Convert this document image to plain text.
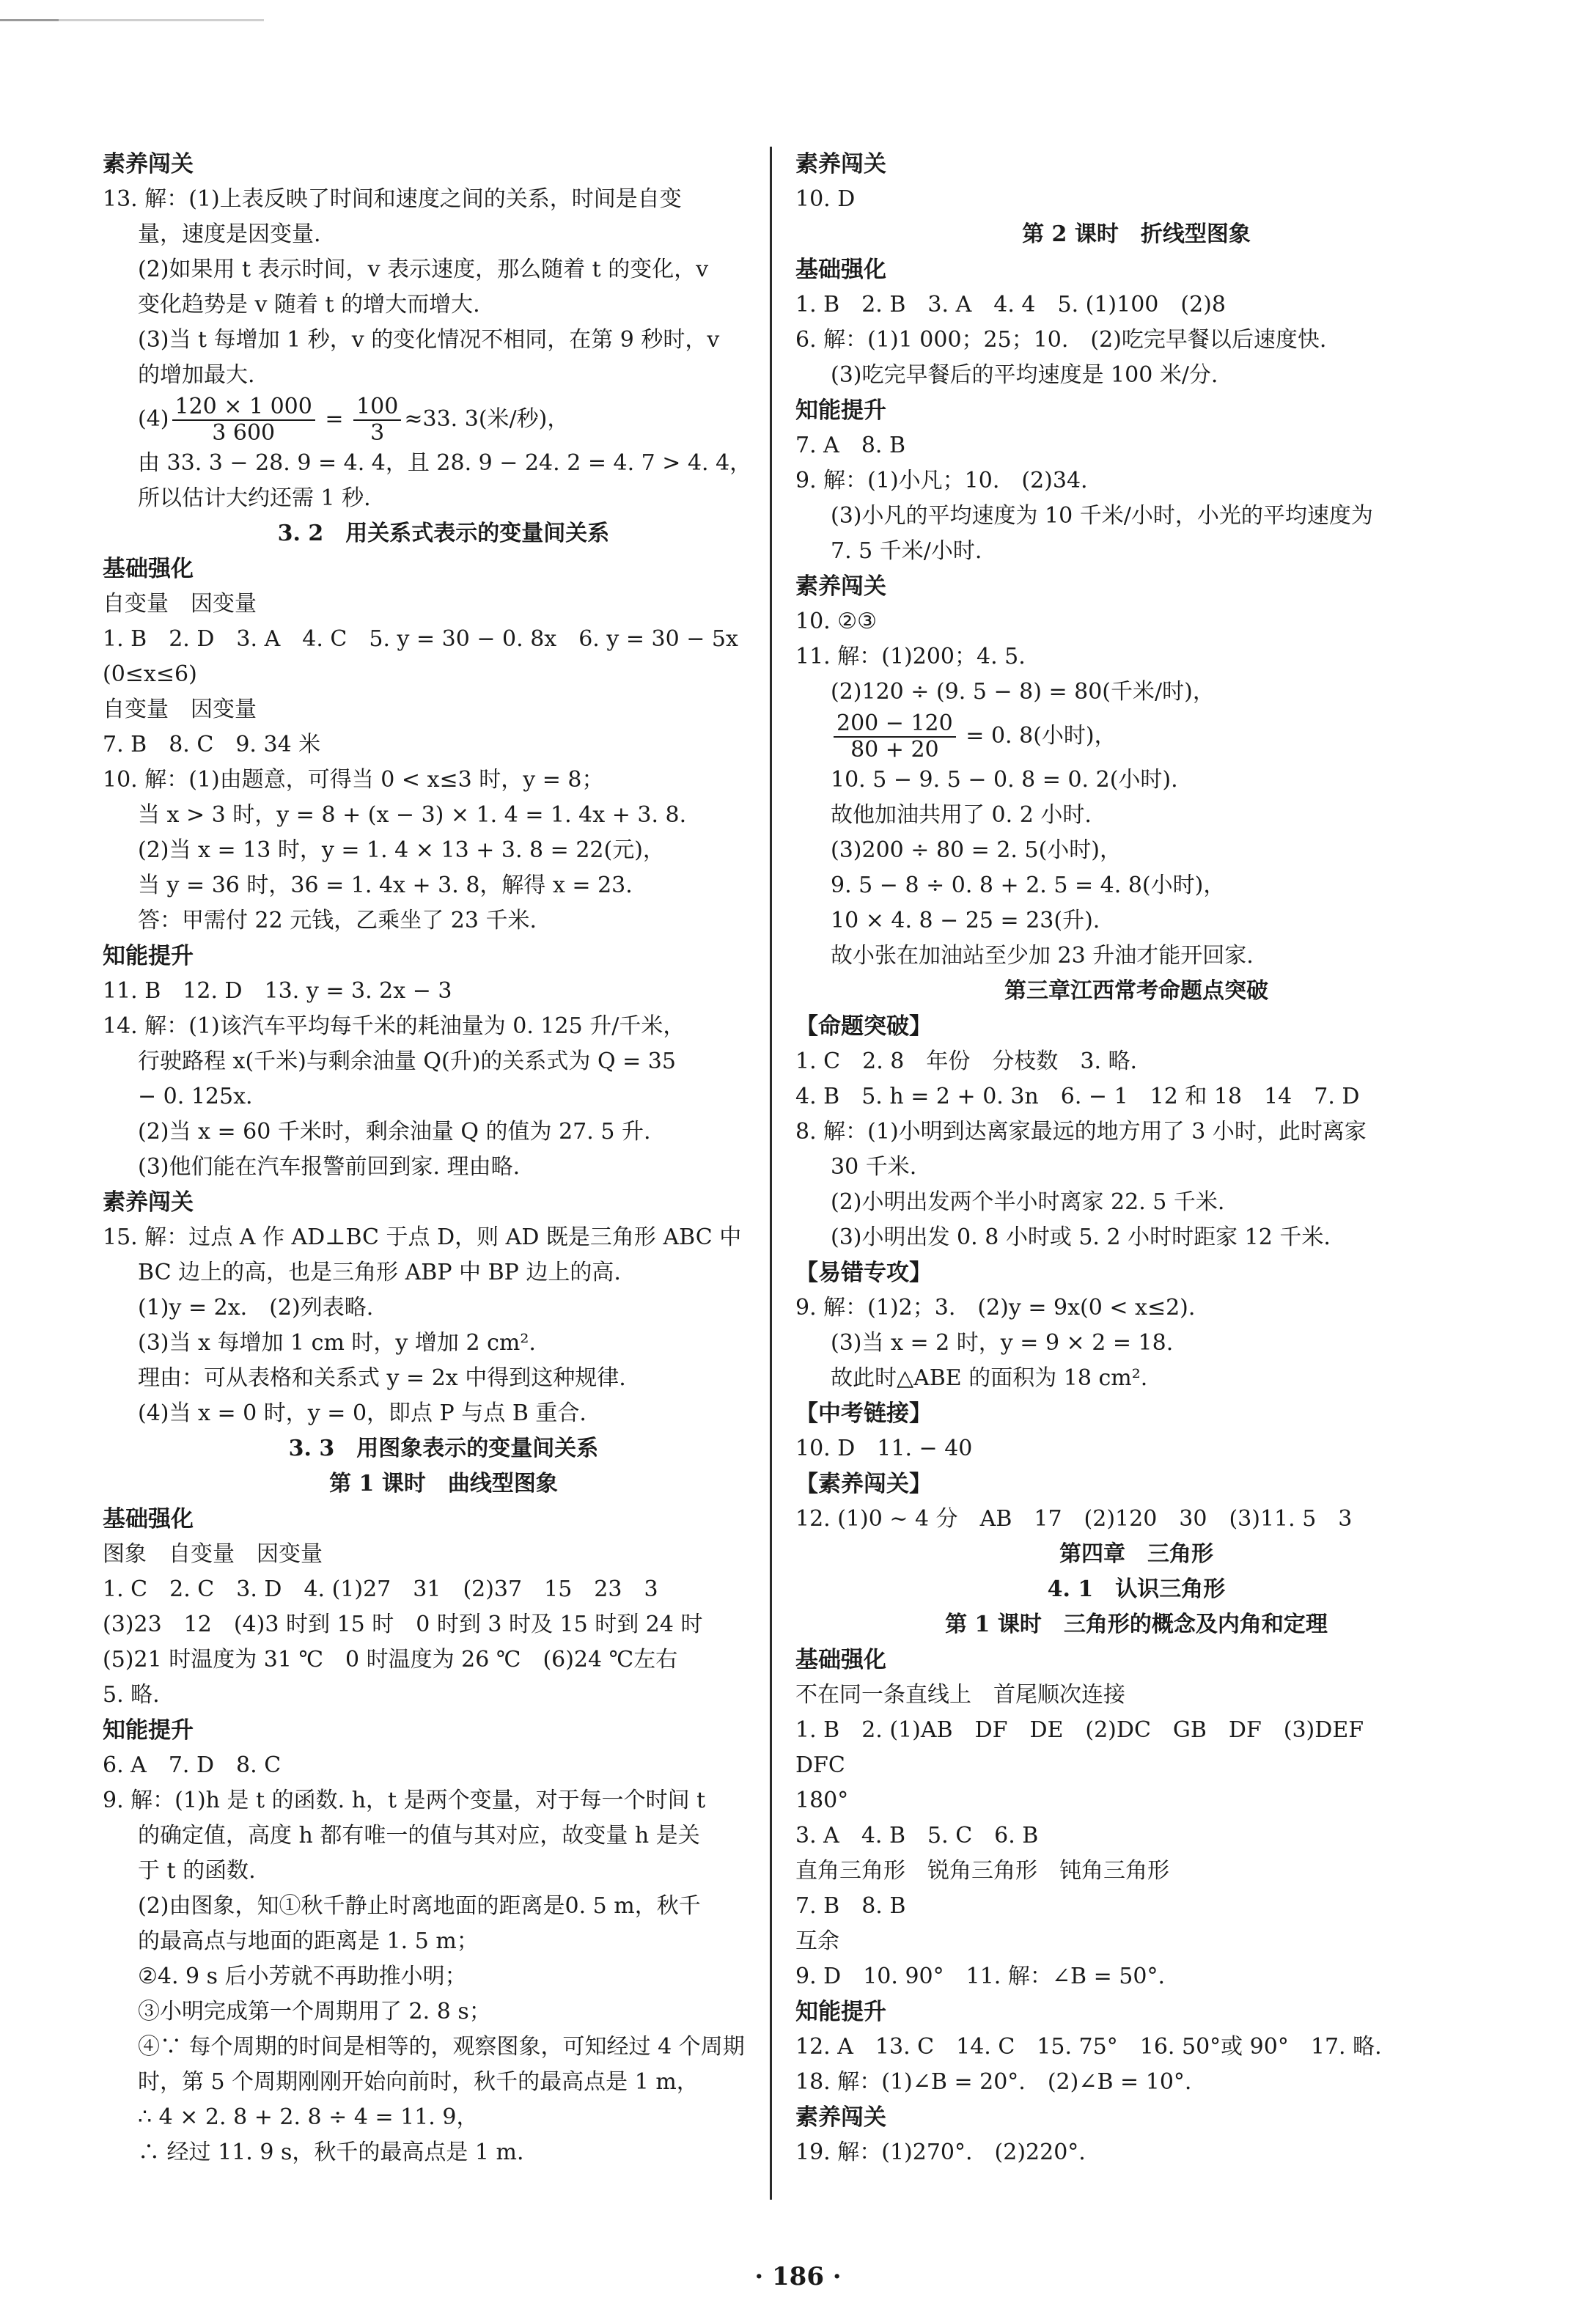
素养闯关
13. 解：(1)上表反映了时间和速度之间的关系，时间是自变
量，速度是因变量.
(2)如果用 t 表示时间，v 表示速度，那么随着 t 的变化，v
变化趋势是 v 随着 t 的增大而增大.
(3)当 t 每增加 1 秒，v 的变化情况不相同，在第 9 秒时，v
的增加最大.
$(4) \frac{120 \times 1 000}{3 600} = \frac{100}{3} \approx 33$. 3(米/秒)，
由 33. 3 − 28. 9 = 4. 4，且 28. 9 − 24. 2 = 4. 7 > 4. 4，
所以估计大约还需 1 秒.
3. 2　用关系式表示的变量间关系
基础强化
自变量　因变量
1. B　2. D　3. A　4. C　5. y = 30 − 0. 8x　6. y = 30 − 5x
(0≤x≤6)
自变量　因变量
7. B　8. C　9. 34 米
10. 解：(1)由题意，可得当 0 < x≤3 时，y = 8；
当 x > 3 时，y = 8 + (x − 3) × 1. 4 = 1. 4x + 3. 8.
(2)当 x = 13 时，y = 1. 4 × 13 + 3. 8 = 22(元)，
当 y = 36 时，36 = 1. 4x + 3. 8，解得 x = 23.
答：甲需付 22 元钱，乙乘坐了 23 千米.
知能提升
11. B　12. D　13. y = 3. 2x − 3
14. 解：(1)该汽车平均每千米的耗油量为 0. 125 升/千米，
行驶路程 x(千米)与剩余油量 Q(升)的关系式为 Q = 35
− 0. 125x.
(2)当 x = 60 千米时，剩余油量 Q 的值为 27. 5 升.
(3)他们能在汽车报警前回到家. 理由略.
素养闯关
15. 解：过点 A 作 AD⊥BC 于点 D，则 AD 既是三角形 ABC 中
BC 边上的高，也是三角形 ABP 中 BP 边上的高.
(1)y = 2x.　(2)列表略.
(3)当 x 每增加 1 cm 时，y 增加 2 cm².
理由：可从表格和关系式 y = 2x 中得到这种规律.
(4)当 x = 0 时，y = 0，即点 P 与点 B 重合.
3. 3　用图象表示的变量间关系
第 1 课时　曲线型图象
基础强化
图象　自变量　因变量
1. C　2. C　3. D　4. (1)27　31　(2)37　15　23　3
(3)23　12　(4)3 时到 15 时　0 时到 3 时及 15 时到 24 时
(5)21 时温度为 31 ℃　0 时温度为 26 ℃　(6)24 ℃左右
5. 略.
知能提升
6. A　7. D　8. C
9. 解：(1)h 是 t 的函数. h，t 是两个变量，对于每一个时间 t
的确定值，高度 h 都有唯一的值与其对应，故变量 h 是关
于 t 的函数.
(2)由图象，知①秋千静止时离地面的距离是0. 5 m，秋千
的最高点与地面的距离是 1. 5 m；
②4. 9 s 后小芳就不再助推小明；
③小明完成第一个周期用了 2. 8 s；
④∵ 每个周期的时间是相等的，观察图象，可知经过 4 个周期
时，第 5 个周期刚刚开始向前时，秋千的最高点是 1 m，
∴ 4 × 2. 8 + 2. 8 ÷ 4 = 11. 9，
∴ 经过 11. 9 s，秋千的最高点是 1 m.
素养闯关
10. D
第 2 课时　折线型图象
基础强化
1. B　2. B　3. A　4. 4　5. (1)100　(2)8
6. 解：(1)1 000；25；10.　(2)吃完早餐以后速度快.
(3)吃完早餐后的平均速度是 100 米/分.
知能提升
7. A　8. B
9. 解：(1)小凡；10.　(2)34.
(3)小凡的平均速度为 10 千米/小时，小光的平均速度为
7. 5 千米/小时.
素养闯关
10. ②③
11. 解：(1)200；4. 5.
(2)120 ÷ (9. 5 − 8) = 80(千米/时)，
$\frac{200 - 120}{80 + 20} = 0$. 8(小时)，
10. 5 − 9. 5 − 0. 8 = 0. 2(小时).
故他加油共用了 0. 2 小时.
(3)200 ÷ 80 = 2. 5(小时)，
9. 5 − 8 ÷ 0. 8 + 2. 5 = 4. 8(小时)，
10 × 4. 8 − 25 = 23(升).
故小张在加油站至少加 23 升油才能开回家.
第三章江西常考命题点突破
【命题突破】
1. C　2. 8　年份　分枝数　3. 略.
4. B　5. h = 2 + 0. 3n　6. − 1　12 和 18　14　7. D
8. 解：(1)小明到达离家最远的地方用了 3 小时，此时离家
30 千米.
(2)小明出发两个半小时离家 22. 5 千米.
(3)小明出发 0. 8 小时或 5. 2 小时时距家 12 千米.
【易错专攻】
9. 解：(1)2；3.　(2)y = 9x(0 < x≤2).
(3)当 x = 2 时，y = 9 × 2 = 18.
故此时△ABE 的面积为 18 cm².
【中考链接】
10. D　11. − 40
【素养闯关】
12. (1)0 ~ 4 分　AB　17　(2)120　30　(3)11. 5　3
第四章　三角形
4. 1　认识三角形
第 1 课时　三角形的概念及内角和定理
基础强化
不在同一条直线上　首尾顺次连接
1. B　2. (1)AB　DF　DE　(2)DC　GB　DF　(3)DEF
DFC
180°
3. A　4. B　5. C　6. B
直角三角形　锐角三角形　钝角三角形
7. B　8. B
互余
9. D　10. 90°　11. 解：∠B = 50°.
知能提升
12. A　13. C　14. C　15. 75°　16. 50°或 90°　17. 略.
18. 解：(1)∠B = 20°.　(2)∠B = 10°.
素养闯关
19. 解：(1)270°.　(2)220°.
· 186 ·
